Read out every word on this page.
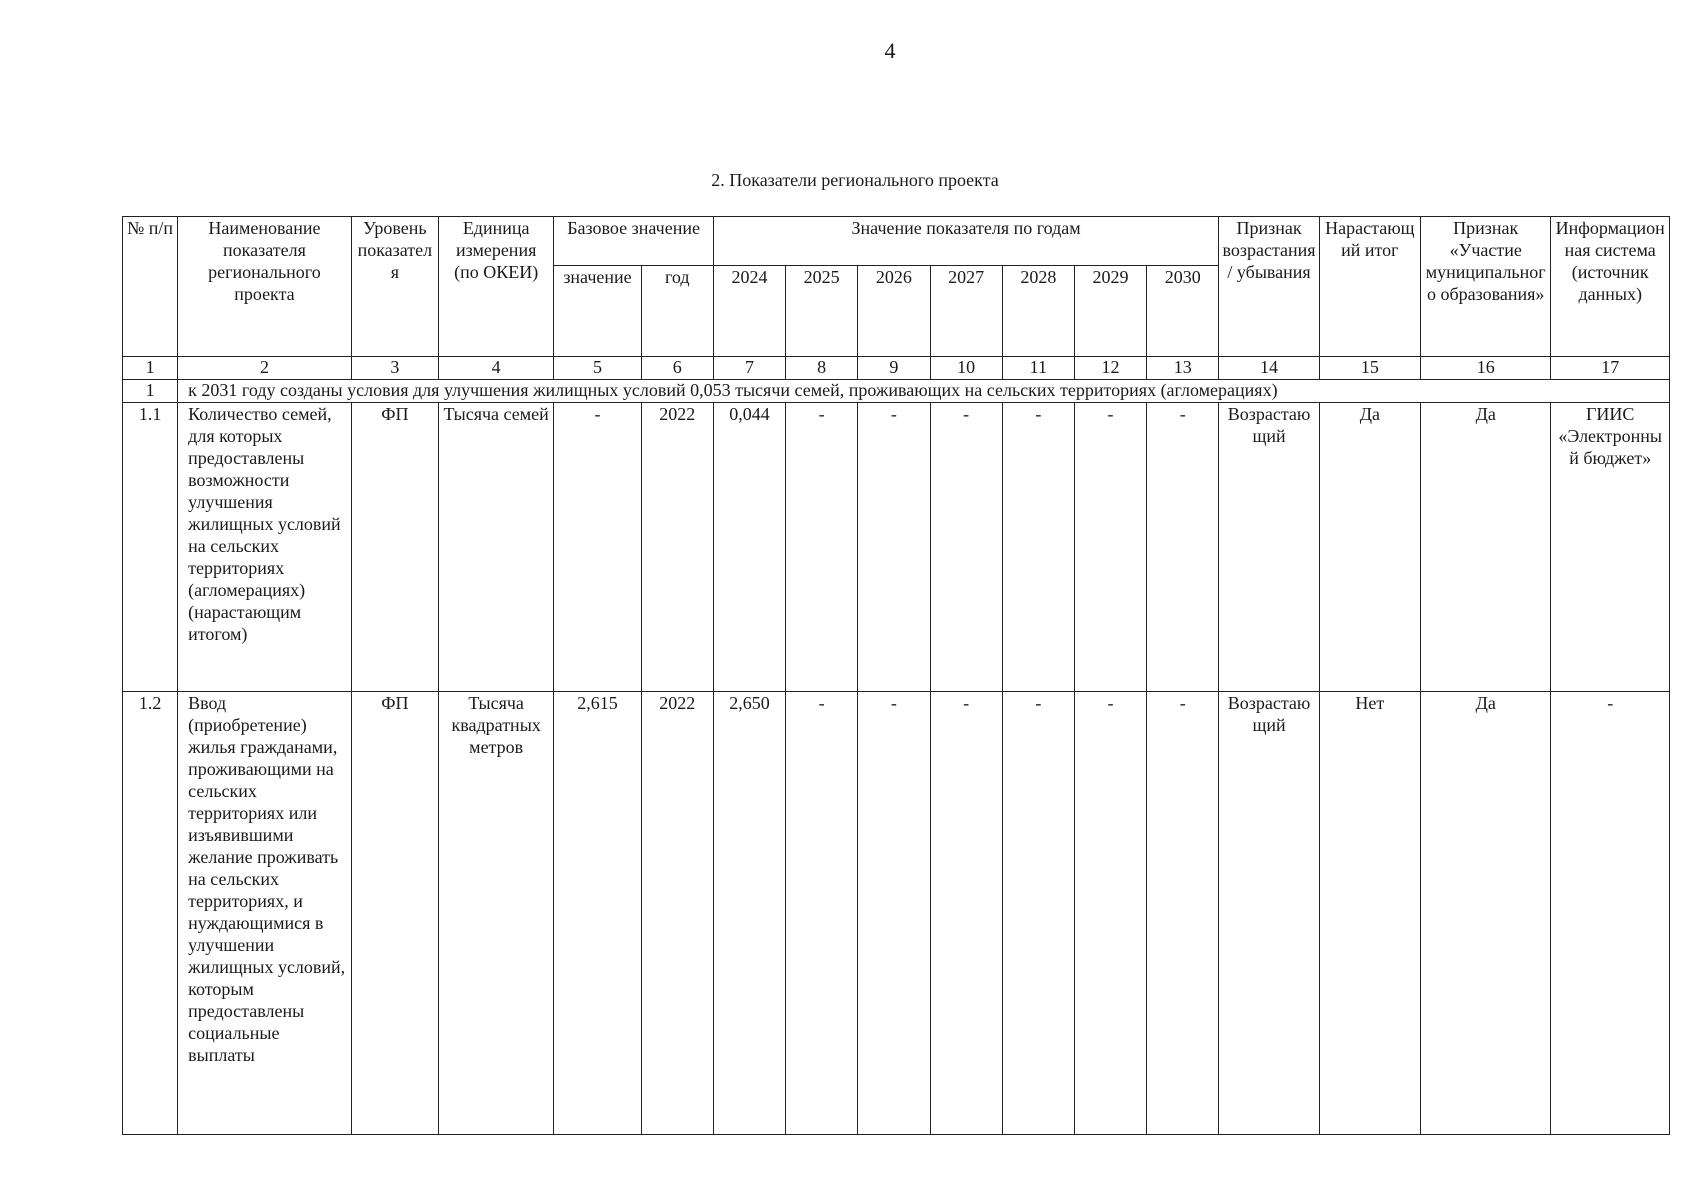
4
2. Показатели регионального проекта
№ п/п	Наименование показателя регионального проекта	Уровень показателя	Единица измерения (по ОКЕИ)	Базовое значение		Значение показателя по годам							Признак возрастания / убывания	Нарастающий итог	Признак «Участие муниципального образования»	Информационная система (источник данных)
				значение	год	2024	2025	2026	2027	2028	2029	2030				
1	2	3	4	5	6	7	8	9	10	11	12	13	14	15	16	17
1	к 2031 году созданы условия для улучшения жилищных условий 0,053 тысячи семей, проживающих на сельских территориях (агломерациях)															
1.1	Количество семей, для которых предоставлены возможности улучшения жилищных условий на сельских территориях (агломерациях) (нарастающим итогом)	ФП	Тысяча семей	-	2022	0,044	-	-	-	-	-	-	Возрастающий	Да	Да	ГИИС «Электронный бюджет»
1.2	Ввод (приобретение) жилья гражданами, проживающими на сельских территориях или изъявившими желание проживать на сельских территориях, и нуждающимися в улучшении жилищных условий, которым предоставлены социальные выплаты	ФП	Тысяча квадратных метров	2,615	2022	2,650	-	-	-	-	-	-	Возрастающий	Нет	Да	-
